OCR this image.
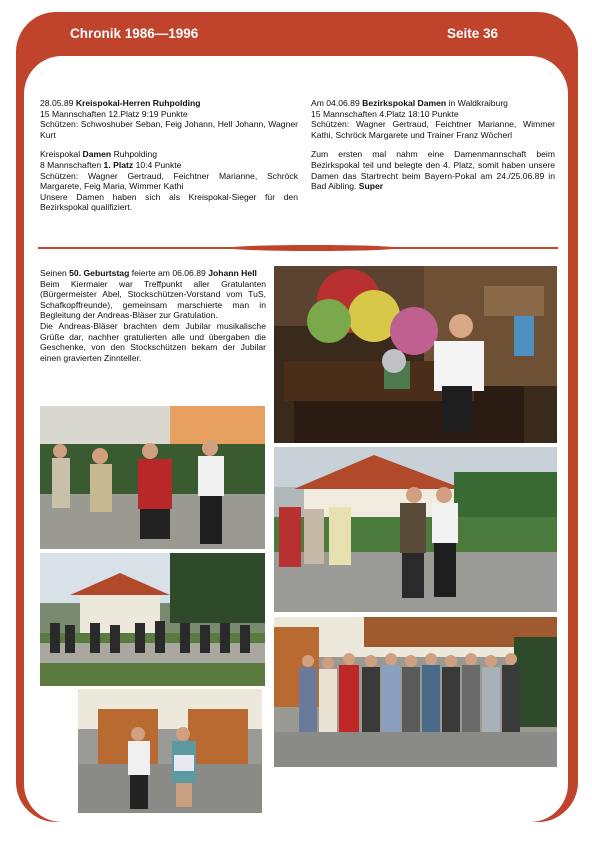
Chronik 1986—1996	Seite 36

28.05.89 Kreispokal-Herren Ruhpolding
15 Mannschaften 12.Platz 9:19 Punkte
Schützen: Schwoshuber Seban, Feig Johann, Hell Johann, Wagner Kurt

Kreispokal Damen Ruhpolding
8 Mannschaften 1. Platz 10:4 Punkte
Schützen: Wagner Gertraud, Feichtner Marianne, Schröck Margarete, Feig Maria, Wimmer Kathi
Unsere Damen haben sich als Kreispokal-Sieger für den Bezirkspokal qualifiziert.

Am 04.06.89 Bezirkspokal Damen in Waldkraiburg
15 Mannschaften 4.Platz 18:10 Punkte
Schützen: Wagner Gertraud, Feichtner Marianne, Wimmer Kathi, Schröck Margarete und Trainer Franz Wöcherl

Zum ersten mal nahm eine Damenmannschaft beim Bezirkspokal teil und belegte den 4. Platz, somit haben unsere Damen das Startrecht beim Bayern-Pokal am 24./25.06.89 in Bad Aibling. Super

Seinen 50. Geburtstag feierte am 06.06.89 Johann Hell
Beim Kiermaier war Treffpunkt aller Gratulanten (Bürgermeister Abel, Stockschützen-Vorstand vom TuS, Schafkopffreunde), gemeinsam marschierte man in Begleitung der Andreas-Bläser zur Gratulation.
Die Andreas-Bläser brachten dem Jubilar musikalische Grüße dar, nachher gratulierten alle und übergaben die Geschenke, von den Stockschützen bekam der Jubilar einen gravierten Zinnteller.
